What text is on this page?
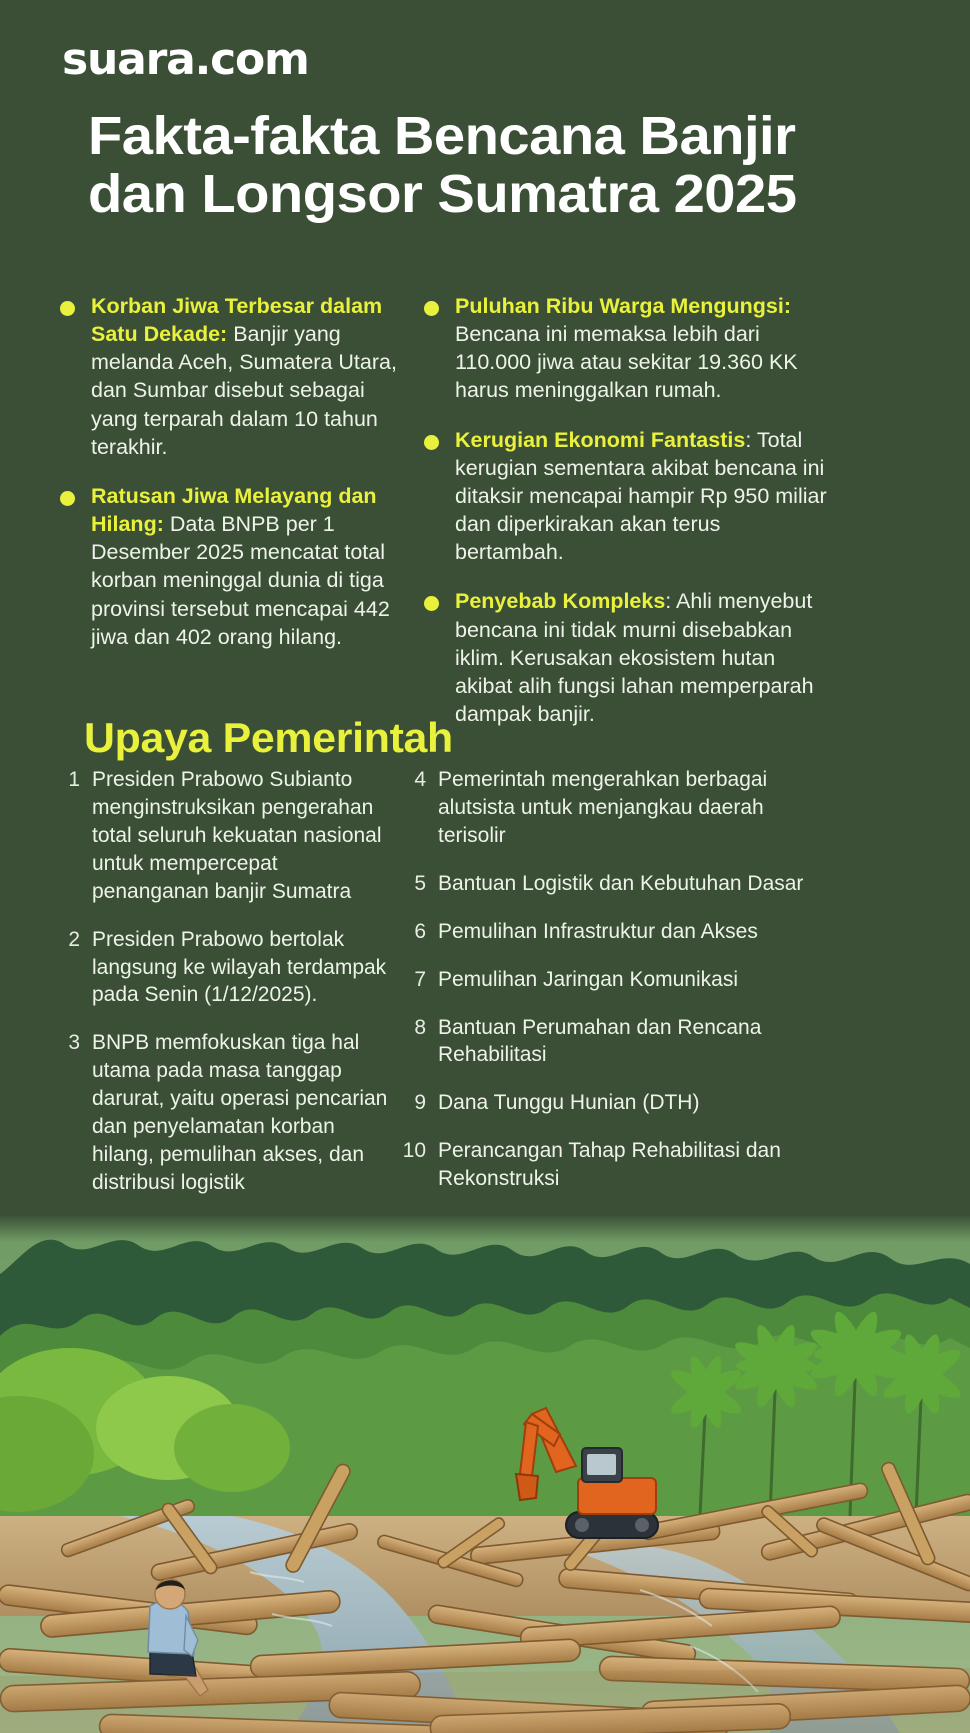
suara.com
Fakta-fakta Bencana Banjir
dan Longsor Sumatra 2025
Korban Jiwa Terbesar dalam Satu Dekade: Banjir yang melanda Aceh, Sumatera Utara, dan Sumbar disebut sebagai yang terparah dalam 10 tahun terakhir.
Ratusan Jiwa Melayang dan Hilang: Data BNPB per 1 Desember 2025 mencatat total korban meninggal dunia di tiga provinsi tersebut mencapai 442 jiwa dan 402 orang hilang.
Puluhan Ribu Warga Mengungsi: Bencana ini memaksa lebih dari 110.000 jiwa atau sekitar 19.360 KK harus meninggalkan rumah.
Kerugian Ekonomi Fantastis: Total kerugian sementara akibat bencana ini ditaksir mencapai hampir Rp 950 miliar dan diperkirakan akan terus bertambah.
Penyebab Kompleks: Ahli menyebut bencana ini tidak murni disebabkan iklim. Kerusakan ekosistem hutan akibat alih fungsi lahan memperparah dampak banjir.
Upaya Pemerintah
1 Presiden Prabowo Subianto menginstruksikan pengerahan total seluruh kekuatan nasional untuk mempercepat penanganan banjir Sumatra
2 Presiden Prabowo bertolak langsung ke wilayah terdampak pada Senin (1/12/2025).
3 BNPB memfokuskan tiga hal utama pada masa tanggap darurat, yaitu operasi pencarian dan penyelamatan korban hilang, pemulihan akses, dan distribusi logistik
4 Pemerintah mengerahkan berbagai alutsista untuk menjangkau daerah terisolir
5 Bantuan Logistik dan Kebutuhan Dasar
6 Pemulihan Infrastruktur dan Akses
7 Pemulihan Jaringan Komunikasi
8 Bantuan Perumahan dan Rencana Rehabilitasi
9 Dana Tunggu Hunian (DTH)
10 Perancangan Tahap Rehabilitasi dan Rekonstruksi
